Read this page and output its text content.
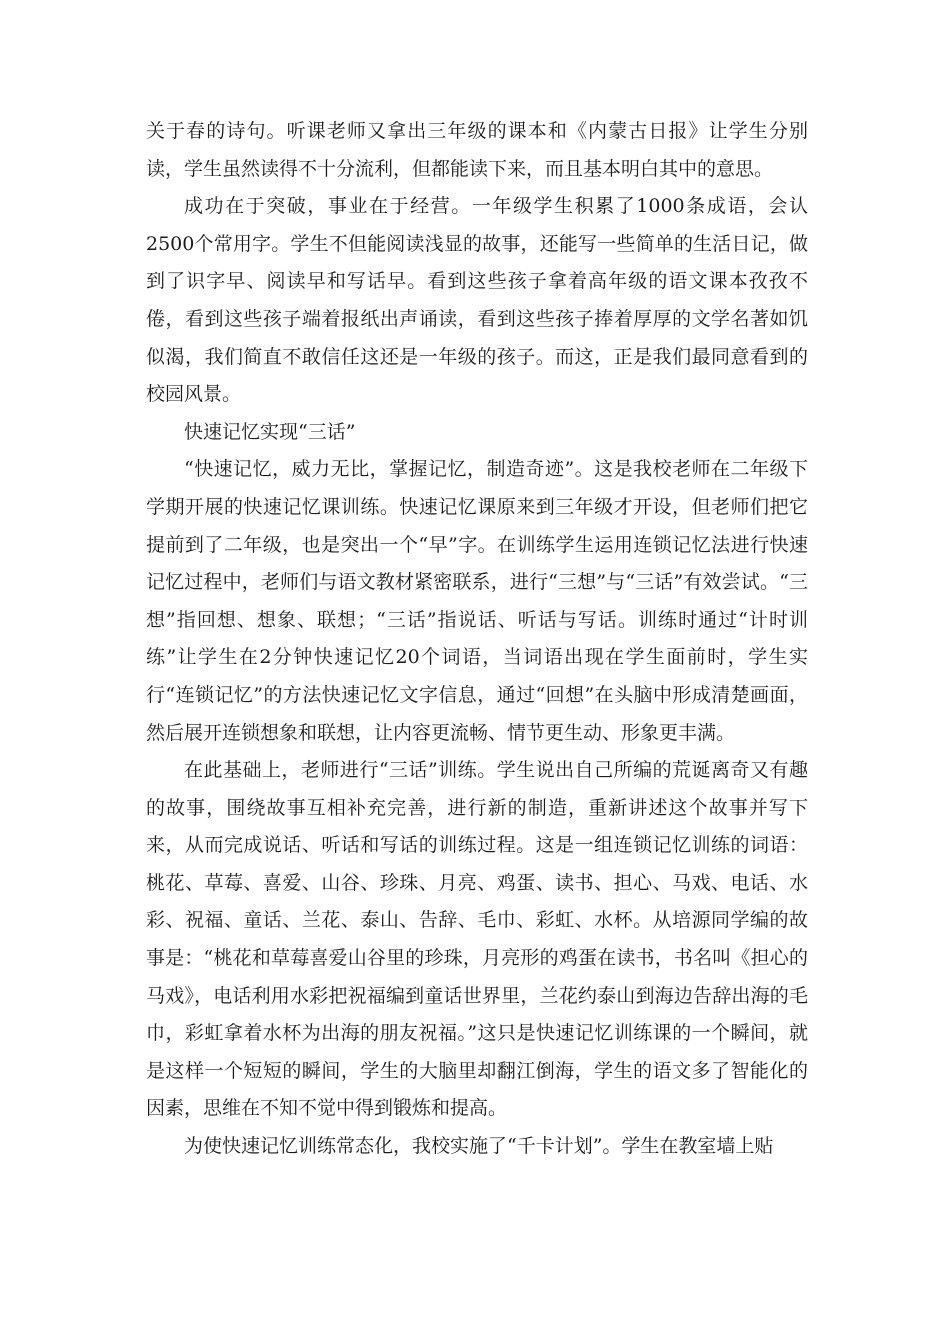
关于春的诗句。听课老师又拿出三年级的课本和《内蒙古日报》让学生分别读，学生虽然读得不十分流利，但都能读下来，而且基本明白其中的意思。

成功在于突破，事业在于经营。一年级学生积累了1000条成语，会认2500个常用字。学生不但能阅读浅显的故事，还能写一些简单的生活日记，做到了识字早、阅读早和写话早。看到这些孩子拿着高年级的语文课本孜孜不倦，看到这些孩子端着报纸出声诵读，看到这些孩子捧着厚厚的文学名著如饥似渴，我们简直不敢信任这还是一年级的孩子。而这，正是我们最同意看到的校园风景。

快速记忆实现“三话”

“快速记忆，威力无比，掌握记忆，制造奇迹”。这是我校老师在二年级下学期开展的快速记忆课训练。快速记忆课原来到三年级才开设，但老师们把它提前到了二年级，也是突出一个“早”字。在训练学生运用连锁记忆法进行快速记忆过程中，老师们与语文教材紧密联系，进行“三想”与“三话”有效尝试。“三想”指回想、想象、联想；“三话”指说话、听话与写话。训练时通过“计时训练”让学生在2分钟快速记忆20个词语，当词语出现在学生面前时，学生实行“连锁记忆”的方法快速记忆文字信息，通过“回想”在头脑中形成清楚画面，然后展开连锁想象和联想，让内容更流畅、情节更生动、形象更丰满。

在此基础上，老师进行“三话”训练。学生说出自己所编的荒诞离奇又有趣的故事，围绕故事互相补充完善，进行新的制造，重新讲述这个故事并写下来，从而完成说话、听话和写话的训练过程。这是一组连锁记忆训练的词语：桃花、草莓、喜爱、山谷、珍珠、月亮、鸡蛋、读书、担心、马戏、电话、水彩、祝福、童话、兰花、泰山、告辞、毛巾、彩虹、水杯。从培源同学编的故事是：“桃花和草莓喜爱山谷里的珍珠，月亮形的鸡蛋在读书，书名叫《担心的马戏》，电话利用水彩把祝福编到童话世界里，兰花约泰山到海边告辞出海的毛巾，彩虹拿着水杯为出海的朋友祝福。”这只是快速记忆训练课的一个瞬间，就是这样一个短短的瞬间，学生的大脑里却翻江倒海，学生的语文多了智能化的因素，思维在不知不觉中得到锻炼和提高。

为使快速记忆训练常态化，我校实施了“千卡计划”。学生在教室墙上贴
